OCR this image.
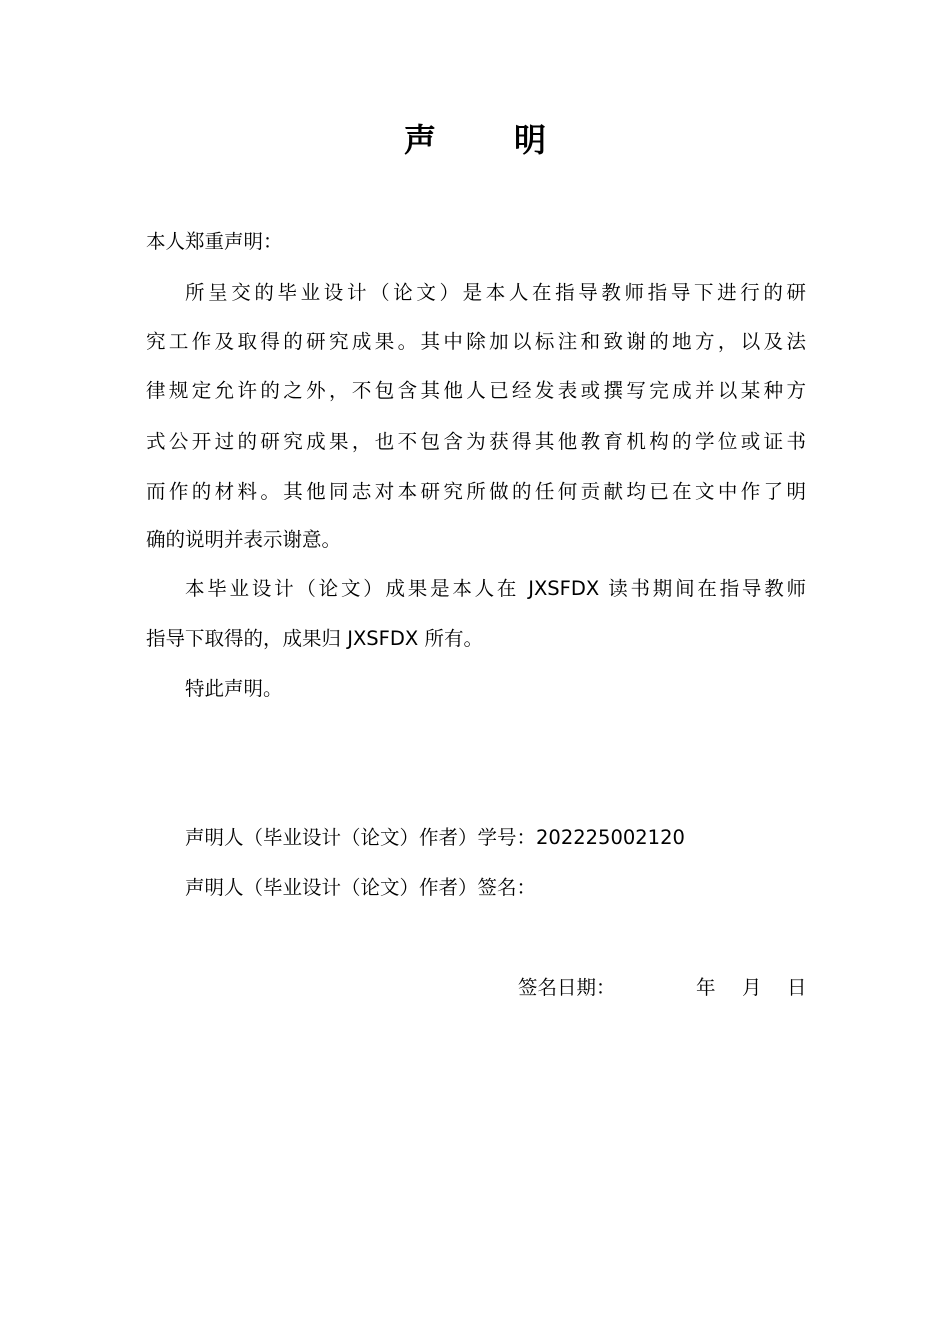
声明

本人郑重声明：

所呈交的毕业设计（论文）是本人在指导教师指导下进行的研

究工作及取得的研究成果。其中除加以标注和致谢的地方，以及法

律规定允许的之外，不包含其他人已经发表或撰写完成并以某种方

式公开过的研究成果，也不包含为获得其他教育机构的学位或证书

而作的材料。其他同志对本研究所做的任何贡献均已在文中作了明

确的说明并表示谢意。

本毕业设计（论文）成果是本人在 JXSFDX 读书期间在指导教师

指导下取得的，成果归 JXSFDX 所有。

特此声明。

声明人（毕业设计（论文）作者）学号：202225002120

声明人（毕业设计（论文）作者）签名：

签名日期：	年 月 日
